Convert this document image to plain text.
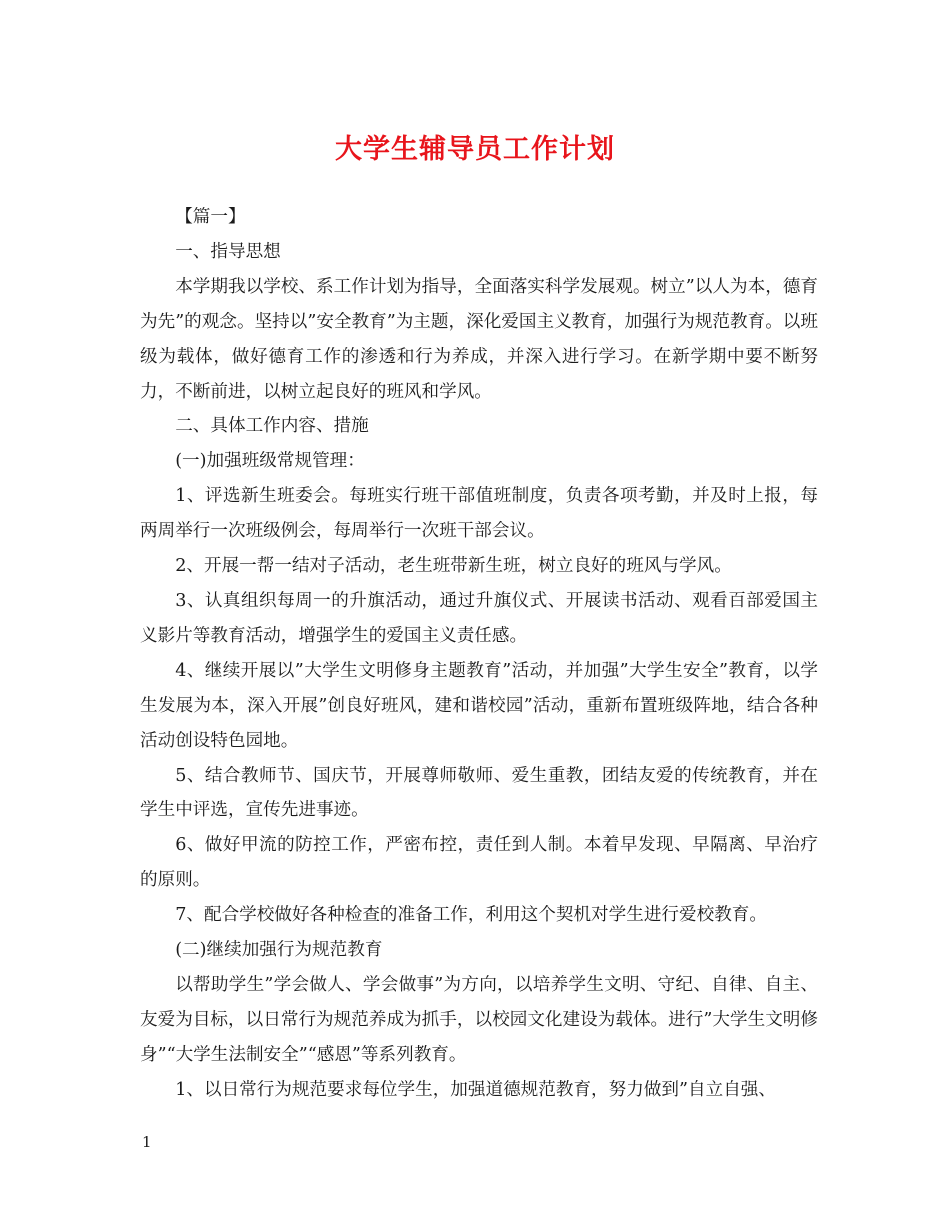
大学生辅导员工作计划

【篇一】

一、指导思想

本学期我以学校、系工作计划为指导，全面落实科学发展观。树立”以人为本，德育为先”的观念。坚持以”安全教育”为主题，深化爱国主义教育，加强行为规范教育。以班级为载体，做好德育工作的渗透和行为养成，并深入进行学习。在新学期中要不断努力，不断前进，以树立起良好的班风和学风。

二、具体工作内容、措施

(一)加强班级常规管理：

1、评选新生班委会。每班实行班干部值班制度，负责各项考勤，并及时上报，每两周举行一次班级例会，每周举行一次班干部会议。

2、开展一帮一结对子活动，老生班带新生班，树立良好的班风与学风。

3、认真组织每周一的升旗活动，通过升旗仪式、开展读书活动、观看百部爱国主义影片等教育活动，增强学生的爱国主义责任感。

4、继续开展以”大学生文明修身主题教育”活动，并加强”大学生安全”教育，以学生发展为本，深入开展”创良好班风，建和谐校园”活动，重新布置班级阵地，结合各种活动创设特色园地。

5、结合教师节、国庆节，开展尊师敬师、爱生重教，团结友爱的传统教育，并在学生中评选，宣传先进事迹。

6、做好甲流的防控工作，严密布控，责任到人制。本着早发现、早隔离、早治疗的原则。

7、配合学校做好各种检查的准备工作，利用这个契机对学生进行爱校教育。

(二)继续加强行为规范教育

以帮助学生”学会做人、学会做事”为方向，以培养学生文明、守纪、自律、自主、友爱为目标，以日常行为规范养成为抓手，以校园文化建设为载体。进行”大学生文明修身”“大学生法制安全”“感恩”等系列教育。

1、以日常行为规范要求每位学生，加强道德规范教育，努力做到”自立自强、

1
